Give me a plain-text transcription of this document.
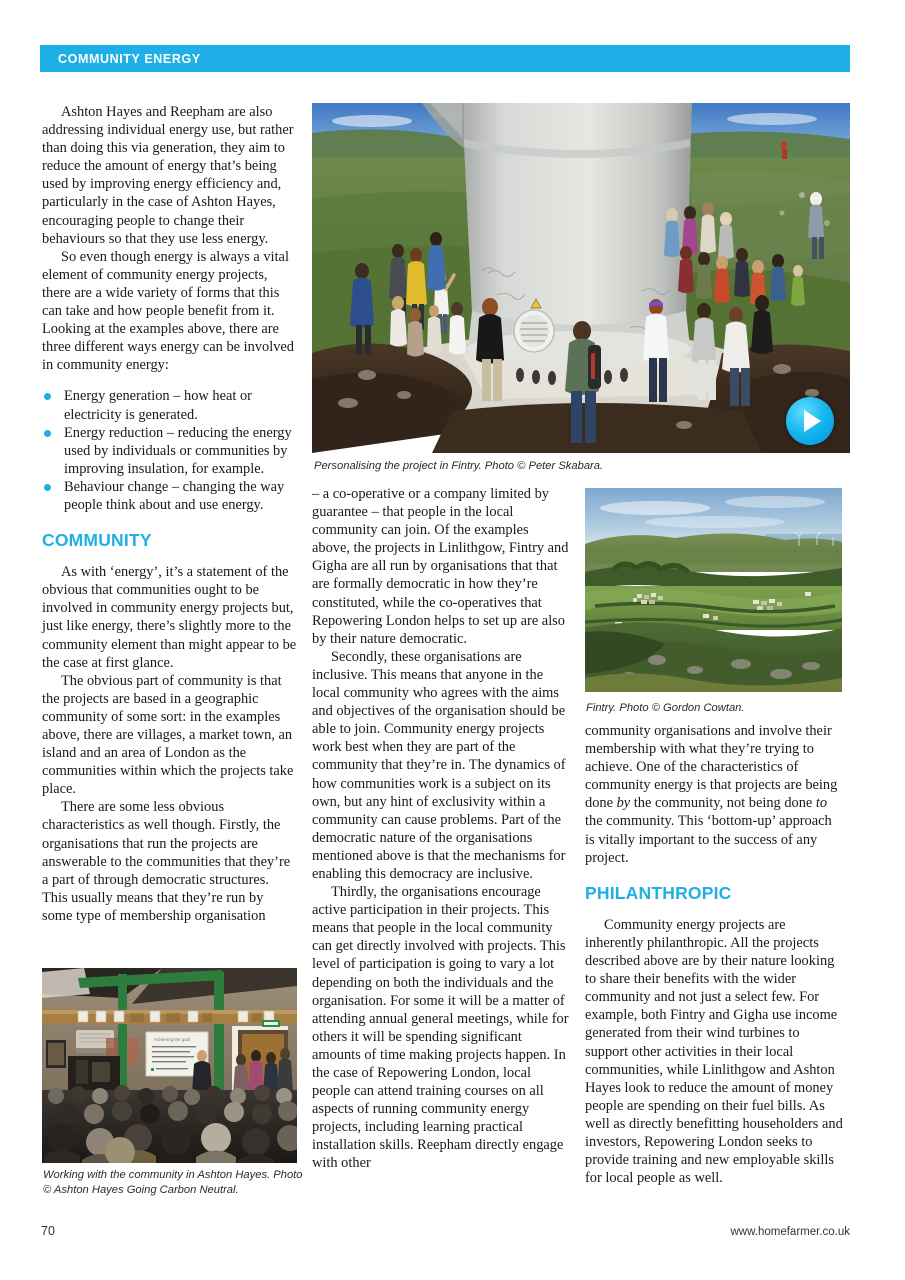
COMMUNITY ENERGY

Ashton Hayes and Reepham are also addressing individual energy use, but rather than doing this via generation, they aim to reduce the amount of energy that’s being used by improving energy efficiency and, particularly in the case of Ashton Hayes, encouraging people to change their behaviours so that they use less energy.

So even though energy is always a vital element of community energy projects, there are a wide variety of forms that this can take and how people benefit from it. Looking at the examples above, there are three different ways energy can be involved in community energy:

Energy generation – how heat or electricity is generated.
Energy reduction – reducing the energy used by individuals or communities by improving insulation, for example.
Behaviour change – changing the way people think about and use energy.
COMMUNITY

As with ‘energy’, it’s a statement of the obvious that communities ought to be involved in community energy projects but, just like energy, there’s slightly more to the community element than might appear to be the case at first glance.

The obvious part of community is that the projects are based in a geographic community of some sort: in the examples above, there are villages, a market town, an island and an area of London as the communities within which the projects take place.

There are some less obvious characteristics as well though. Firstly, the organisations that run the projects are answerable to the communities that they’re a part of through democratic structures. This usually means that they’re run by some type of membership organisation

– a co-operative or a company limited by guarantee – that people in the local community can join. Of the examples above, the projects in Linlithgow, Fintry and Gigha are all run by organisations that that are formally democratic in how they’re constituted, while the co-operatives that Repowering London helps to set up are also by their nature democratic.

Secondly, these organisations are inclusive. This means that anyone in the local community who agrees with the aims and objectives of the organisation should be able to join. Community energy projects work best when they are part of the community that they’re in. The dynamics of how communities work is a subject on its own, but any hint of exclusivity within a community can cause problems. Part of the democratic nature of the organisations mentioned above is that the mechanisms for enabling this democracy are inclusive.

Thirdly, the organisations encourage active participation in their projects. This means that people in the local community can get directly involved with projects. This level of participation is going to vary a lot depending on both the individuals and the organisation. For some it will be a matter of attending annual general meetings, while for others it will be spending significant amounts of time making projects happen. In the case of Repowering London, local people can attend training courses on all aspects of running community energy projects, including learning practical installation skills. Reepham directly engage with other

community organisations and involve their membership with what they’re trying to achieve. One of the characteristics of community energy is that projects are being done by the community, not being done to the community. This ‘bottom-up’ approach is vitally important to the success of any project.

PHILANTHROPIC

Community energy projects are inherently philanthropic. All the projects described above are by their nature looking to share their benefits with the wider community and not just a select few. For example, both Fintry and Gigha use income generated from their wind turbines to support other activities in their local communities, while Linlithgow and Ashton Hayes look to reduce the amount of money people are spending on their fuel bills. As well as directly benefitting householders and investors, Repowering London seeks to provide training and new employable skills for local people as well.

Personalising the project in Fintry. Photo © Peter Skabara.
Fintry. Photo © Gordon Cowtan.
Achieving the goal
Working with the community in Ashton Hayes. Photo © Ashton Hayes Going Carbon Neutral.
70	www.homefarmer.co.uk
